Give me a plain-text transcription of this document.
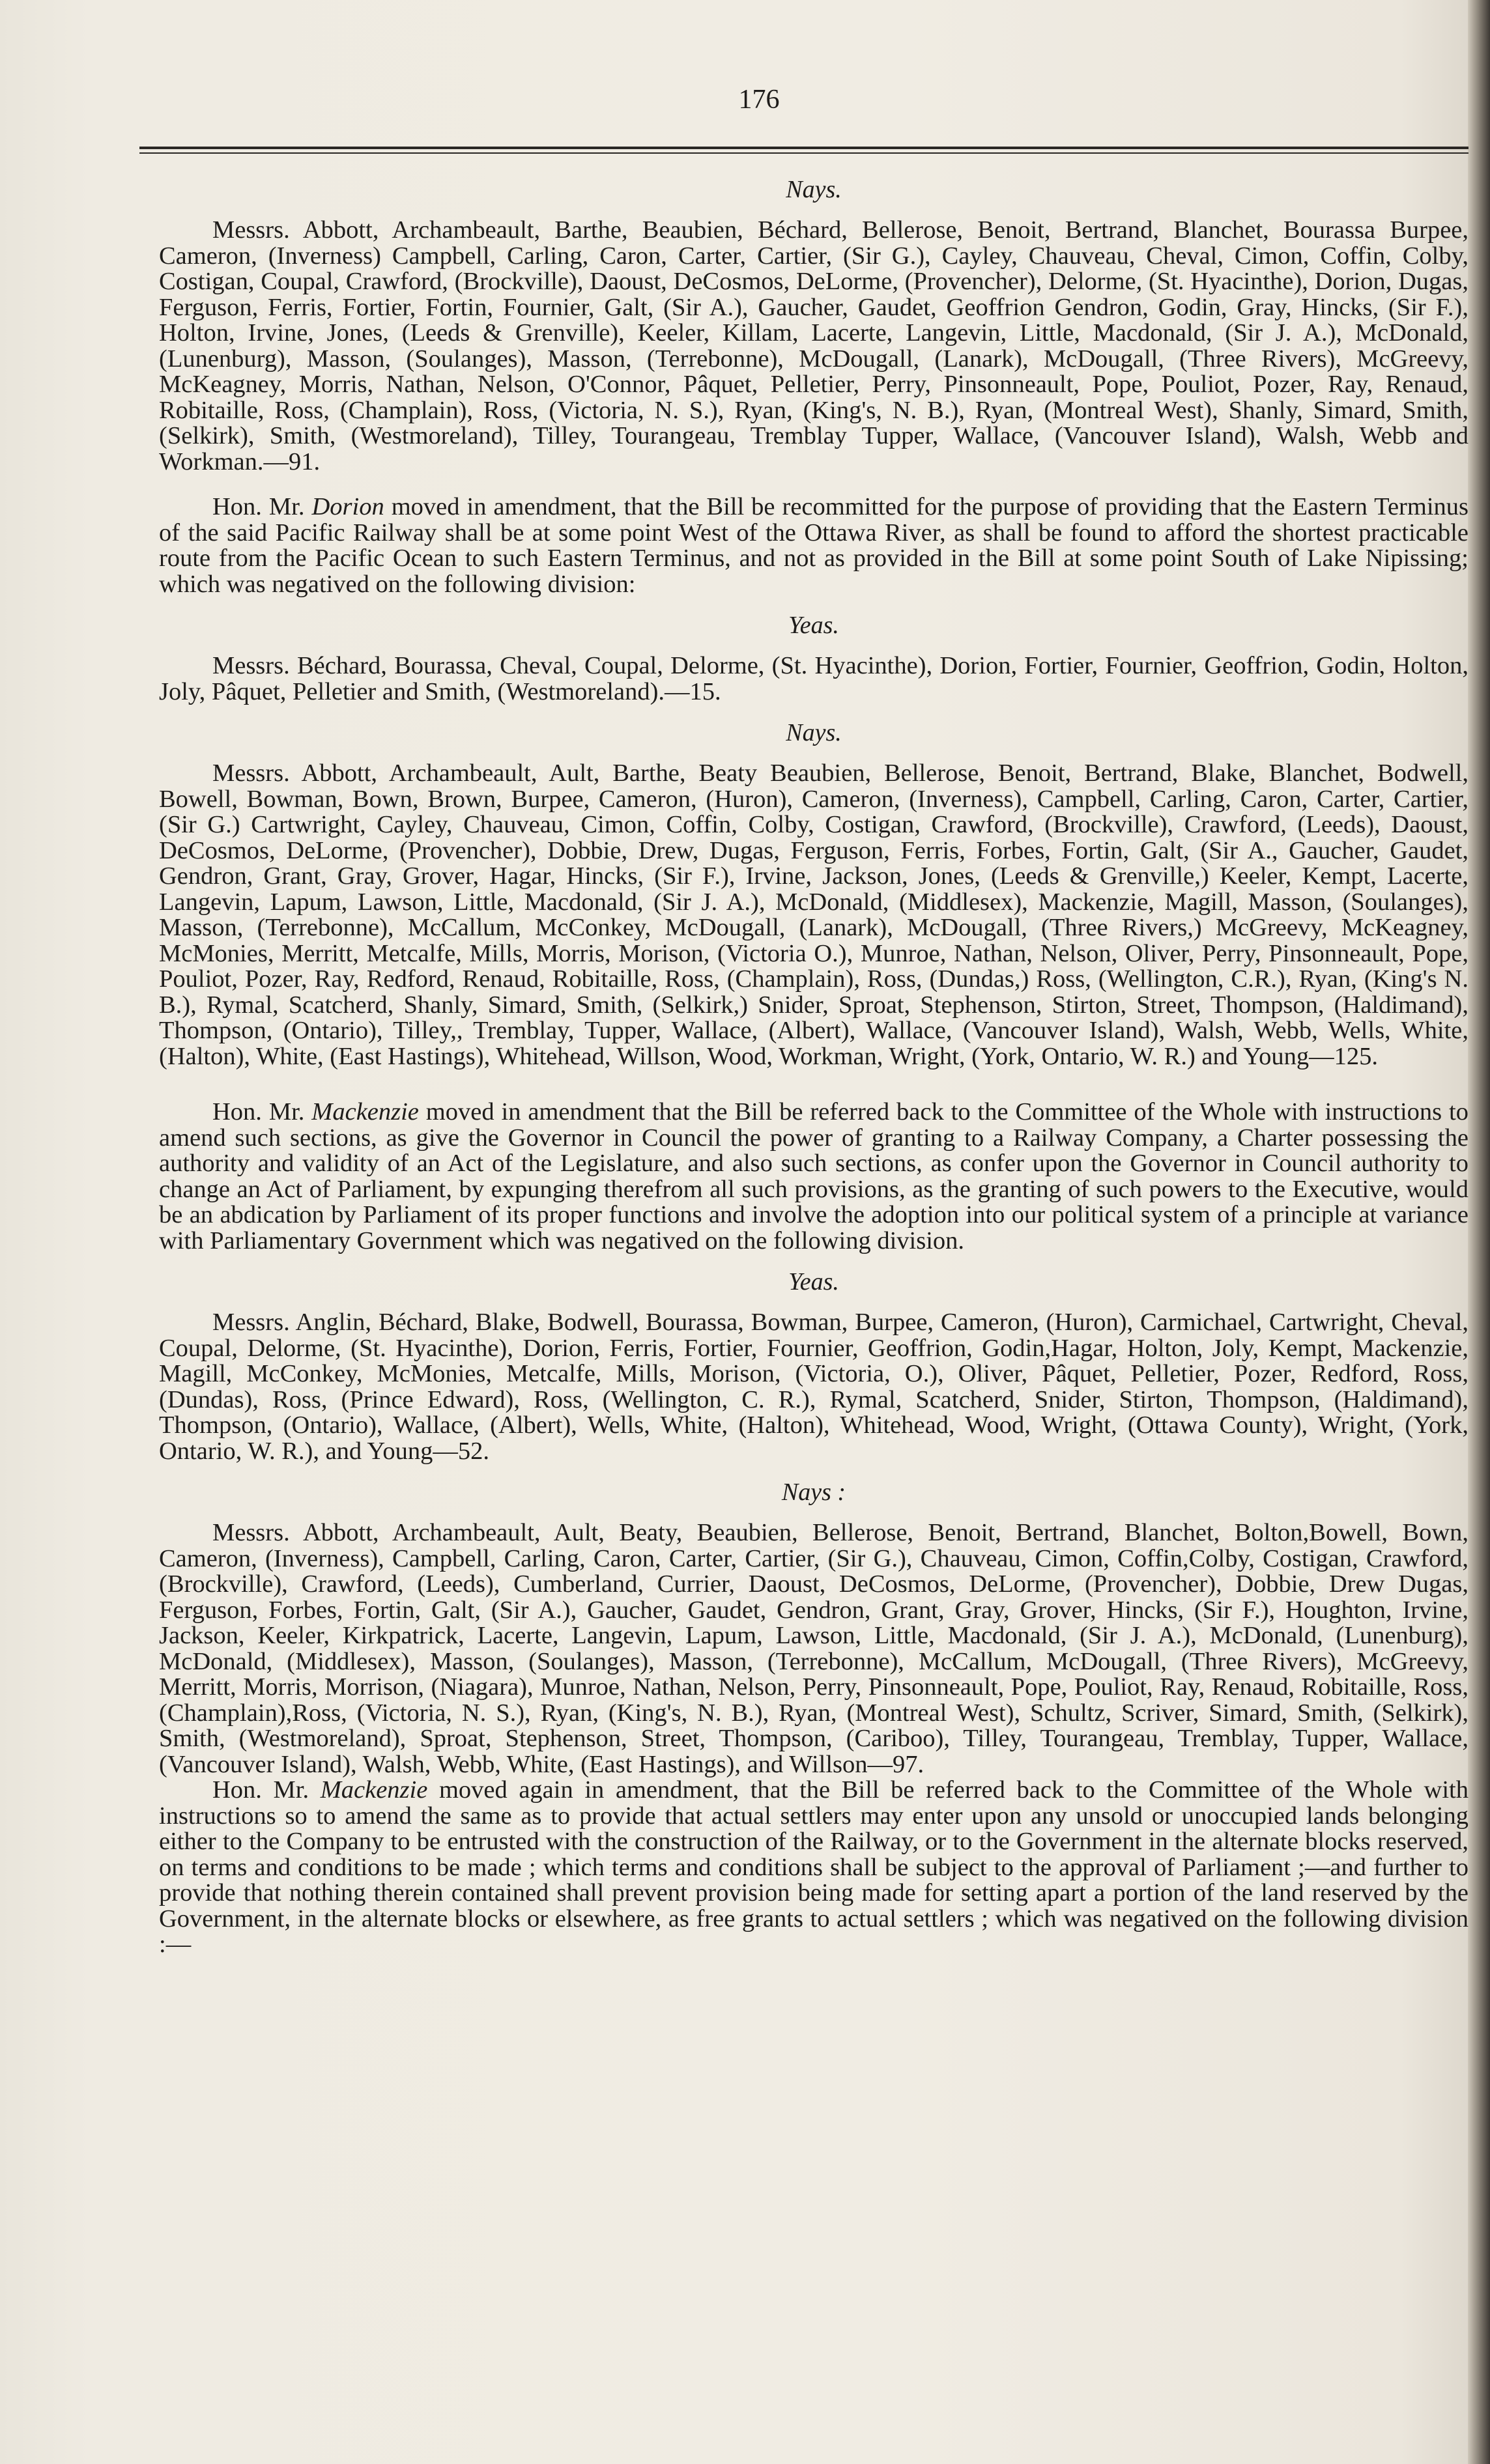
176

Nays.

Messrs. Abbott, Archambeault, Barthe, Beaubien, Béchard, Bellerose, Benoit, Bertrand, Blanchet, Bourassa Burpee, Cameron, (Inverness) Campbell, Carling, Caron, Carter, Cartier, (Sir G.), Cayley, Chauveau, Cheval, Cimon, Coffin, Colby, Costigan, Coupal, Crawford, (Brockville), Daoust, DeCosmos, DeLorme, (Provencher), Delorme, (St. Hyacinthe), Dorion, Dugas, Ferguson, Ferris, Fortier, Fortin, Fournier, Galt, (Sir A.), Gaucher, Gaudet, Geoffrion Gendron, Godin, Gray, Hincks, (Sir F.), Holton, Irvine, Jones, (Leeds & Grenville), Keeler, Killam, Lacerte, Langevin, Little, Macdonald, (Sir J. A.), McDonald, (Lunenburg), Masson, (Soulanges), Masson, (Terrebonne), McDougall, (Lanark), McDougall, (Three Rivers), McGreevy, McKeagney, Morris, Nathan, Nelson, O'Connor, Pâquet, Pelletier, Perry, Pinsonneault, Pope, Pouliot, Pozer, Ray, Renaud, Robitaille, Ross, (Champlain), Ross, (Victoria, N. S.), Ryan, (King's, N. B.), Ryan, (Montreal West), Shanly, Simard, Smith, (Selkirk), Smith, (Westmoreland), Tilley, Tourangeau, Tremblay Tupper, Wallace, (Vancouver Island), Walsh, Webb and Workman.—91.

Hon. Mr. Dorion moved in amendment, that the Bill be recommitted for the purpose of providing that the Eastern Terminus of the said Pacific Railway shall be at some point West of the Ottawa River, as shall be found to afford the shortest practicable route from the Pacific Ocean to such Eastern Terminus, and not as provided in the Bill at some point South of Lake Nipissing; which was negatived on the following division:

Yeas.

Messrs. Béchard, Bourassa, Cheval, Coupal, Delorme, (St. Hyacinthe), Dorion, Fortier, Fournier, Geoffrion, Godin, Holton, Joly, Pâquet, Pelletier and Smith, (Westmoreland).—15.

Nays.

Messrs. Abbott, Archambeault, Ault, Barthe, Beaty Beaubien, Bellerose, Benoit, Bertrand, Blake, Blanchet, Bodwell, Bowell, Bowman, Bown, Brown, Burpee, Cameron, (Huron), Cameron, (Inverness), Campbell, Carling, Caron, Carter, Cartier, (Sir G.) Cartwright, Cayley, Chauveau, Cimon, Coffin, Colby, Costigan, Crawford, (Brockville), Crawford, (Leeds), Daoust, DeCosmos, DeLorme, (Provencher), Dobbie, Drew, Dugas, Ferguson, Ferris, Forbes, Fortin, Galt, (Sir A., Gaucher, Gaudet, Gendron, Grant, Gray, Grover, Hagar, Hincks, (Sir F.), Irvine, Jackson, Jones, (Leeds & Grenville,) Keeler, Kempt, Lacerte, Langevin, Lapum, Lawson, Little, Macdonald, (Sir J. A.), McDonald, (Middlesex), Mackenzie, Magill, Masson, (Soulanges), Masson, (Terrebonne), McCallum, McConkey, McDougall, (Lanark), McDougall, (Three Rivers,) McGreevy, McKeagney, McMonies, Merritt, Metcalfe, Mills, Morris, Morison, (Victoria O.), Munroe, Nathan, Nelson, Oliver, Perry, Pinsonneault, Pope, Pouliot, Pozer, Ray, Redford, Renaud, Robitaille, Ross, (Champlain), Ross, (Dundas,) Ross, (Wellington, C.R.), Ryan, (King's N. B.), Rymal, Scatcherd, Shanly, Simard, Smith, (Selkirk,) Snider, Sproat, Stephenson, Stirton, Street, Thompson, (Haldimand), Thompson, (Ontario), Tilley,, Tremblay, Tupper, Wallace, (Albert), Wallace, (Vancouver Island), Walsh, Webb, Wells, White, (Halton), White, (East Hastings), Whitehead, Willson, Wood, Workman, Wright, (York, Ontario, W. R.) and Young—125.

Hon. Mr. Mackenzie moved in amendment that the Bill be referred back to the Committee of the Whole with instructions to amend such sections, as give the Governor in Council the power of granting to a Railway Company, a Charter possessing the authority and validity of an Act of the Legislature, and also such sections, as confer upon the Governor in Council authority to change an Act of Parliament, by expunging therefrom all such provisions, as the granting of such powers to the Executive, would be an abdication by Parliament of its proper functions and involve the adoption into our political system of a principle at variance with Parliamentary Government which was negatived on the following division.

Yeas.

Messrs. Anglin, Béchard, Blake, Bodwell, Bourassa, Bowman, Burpee, Cameron, (Huron), Carmichael, Cartwright, Cheval, Coupal, Delorme, (St. Hyacinthe), Dorion, Ferris, Fortier, Fournier, Geoffrion, Godin,Hagar, Holton, Joly, Kempt, Mackenzie, Magill, McConkey, McMonies, Metcalfe, Mills, Morison, (Victoria, O.), Oliver, Pâquet, Pelletier, Pozer, Redford, Ross, (Dundas), Ross, (Prince Edward), Ross, (Wellington, C. R.), Rymal, Scatcherd, Snider, Stirton, Thompson, (Haldimand), Thompson, (Ontario), Wallace, (Albert), Wells, White, (Halton), Whitehead, Wood, Wright, (Ottawa County), Wright, (York, Ontario, W. R.), and Young—52.

Nays :

Messrs. Abbott, Archambeault, Ault, Beaty, Beaubien, Bellerose, Benoit, Bertrand, Blanchet, Bolton,Bowell, Bown, Cameron, (Inverness), Campbell, Carling, Caron, Carter, Cartier, (Sir G.), Chauveau, Cimon, Coffin,Colby, Costigan, Crawford, (Brockville), Crawford, (Leeds), Cumberland, Currier, Daoust, DeCosmos, DeLorme, (Provencher), Dobbie, Drew Dugas, Ferguson, Forbes, Fortin, Galt, (Sir A.), Gaucher, Gaudet, Gendron, Grant, Gray, Grover, Hincks, (Sir F.), Houghton, Irvine, Jackson, Keeler, Kirkpatrick, Lacerte, Langevin, Lapum, Lawson, Little, Macdonald, (Sir J. A.), McDonald, (Lunenburg), McDonald, (Middlesex), Masson, (Soulanges), Masson, (Terrebonne), McCallum, McDougall, (Three Rivers), McGreevy, Merritt, Morris, Morrison, (Niagara), Munroe, Nathan, Nelson, Perry, Pinsonneault, Pope, Pouliot, Ray, Renaud, Robitaille, Ross, (Champlain),Ross, (Victoria, N. S.), Ryan, (King's, N. B.), Ryan, (Montreal West), Schultz, Scriver, Simard, Smith, (Selkirk), Smith, (Westmoreland), Sproat, Stephenson, Street, Thompson, (Cariboo), Tilley, Tourangeau, Tremblay, Tupper, Wallace, (Vancouver Island), Walsh, Webb, White, (East Hastings), and Willson—97.

Hon. Mr. Mackenzie moved again in amendment, that the Bill be referred back to the Committee of the Whole with instructions so to amend the same as to provide that actual settlers may enter upon any unsold or unoccupied lands belonging either to the Company to be entrusted with the construction of the Railway, or to the Government in the alternate blocks reserved, on terms and conditions to be made ; which terms and conditions shall be subject to the approval of Parliament ;—and further to provide that nothing therein contained shall prevent provision being made for setting apart a portion of the land reserved by the Government, in the alternate blocks or elsewhere, as free grants to actual settlers ; which was negatived on the following division :—
